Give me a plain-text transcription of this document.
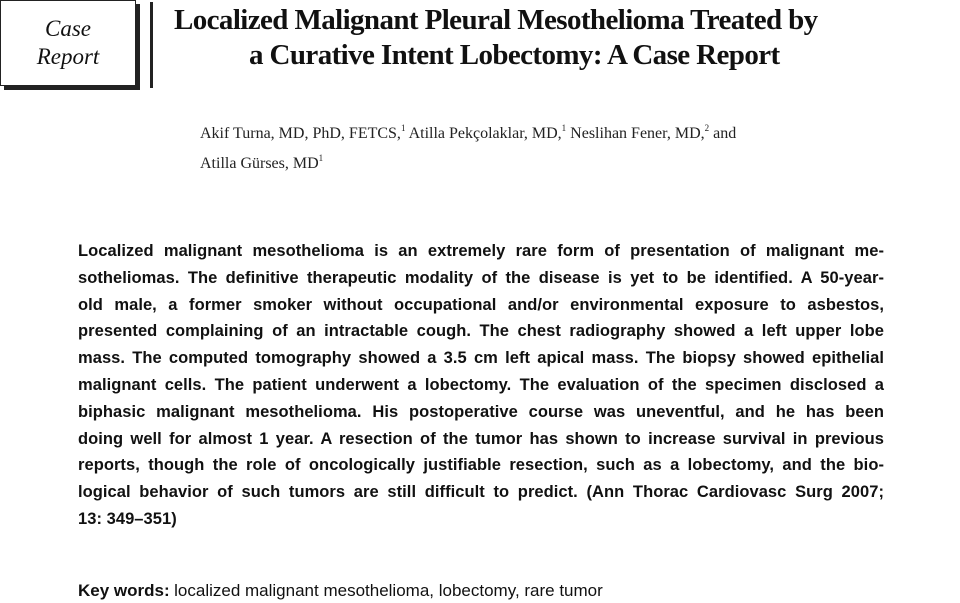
Case
Report
Localized Malignant Pleural Mesothelioma Treated by
a Curative Intent Lobectomy: A Case Report
Akif Turna, MD, PhD, FETCS,$^1$ Atilla Pekçolaklar, MD,$^1$ Neslihan Fener, MD,$^2$ and
Atilla Gürses, $MD^1$
Localized malignant mesothelioma is an extremely rare form of presentation of malignant me-
sotheliomas. The definitive therapeutic modality of the disease is yet to be identified. A 50-year-
old male, a former smoker without occupational and/or environmental exposure to asbestos,
presented complaining of an intractable cough. The chest radiography showed a left upper lobe
mass. The computed tomography showed a 3.5 cm left apical mass. The biopsy showed epithelial
malignant cells. The patient underwent a lobectomy. The evaluation of the specimen disclosed a
biphasic malignant mesothelioma. His postoperative course was uneventful, and he has been
doing well for almost 1 year. A resection of the tumor has shown to increase survival in previous
reports, though the role of oncologically justifiable resection, such as a lobectomy, and the bio-
logical behavior of such tumors are still difficult to predict. (Ann Thorac Cardiovasc Surg 2007;
13: 349–351)
Key words: localized malignant mesothelioma, lobectomy, rare tumor
